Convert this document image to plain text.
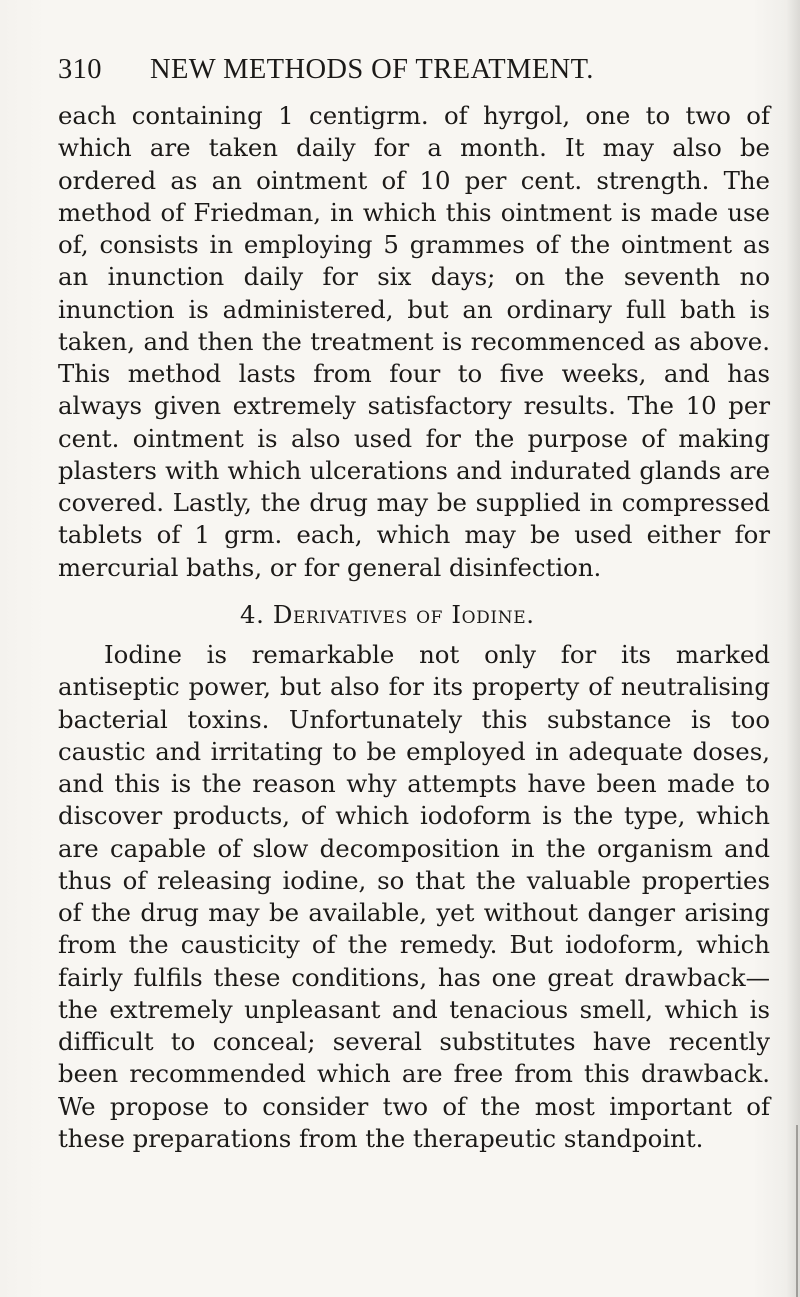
310 NEW METHODS OF TREATMENT.

each containing 1 centigrm. of hyrgol, one to two of which are taken daily for a month. It may also be ordered as an ointment of 10 per cent. strength. The method of Friedman, in which this ointment is made use of, consists in employing 5 grammes of the ointment as an inunction daily for six days; on the seventh no inunction is administered, but an ordinary full bath is taken, and then the treatment is recommenced as above. This method lasts from four to five weeks, and has always given extremely satisfactory results. The 10 per cent. ointment is also used for the purpose of making plasters with which ulcerations and indurated glands are covered. Lastly, the drug may be supplied in compressed tablets of 1 grm. each, which may be used either for mercurial baths, or for general disinfection.

4. Derivatives of Iodine.

Iodine is remarkable not only for its marked antiseptic power, but also for its property of neutralising bacterial toxins. Unfortunately this substance is too caustic and irritating to be employed in adequate doses, and this is the reason why attempts have been made to discover products, of which iodoform is the type, which are capable of slow decomposition in the organism and thus of releasing iodine, so that the valuable properties of the drug may be available, yet without danger arising from the causticity of the remedy. But iodoform, which fairly fulfils these conditions, has one great drawback—the extremely unpleasant and tenacious smell, which is difficult to conceal; several substitutes have recently been recommended which are free from this drawback. We propose to consider two of the most important of these preparations from the therapeutic standpoint.
